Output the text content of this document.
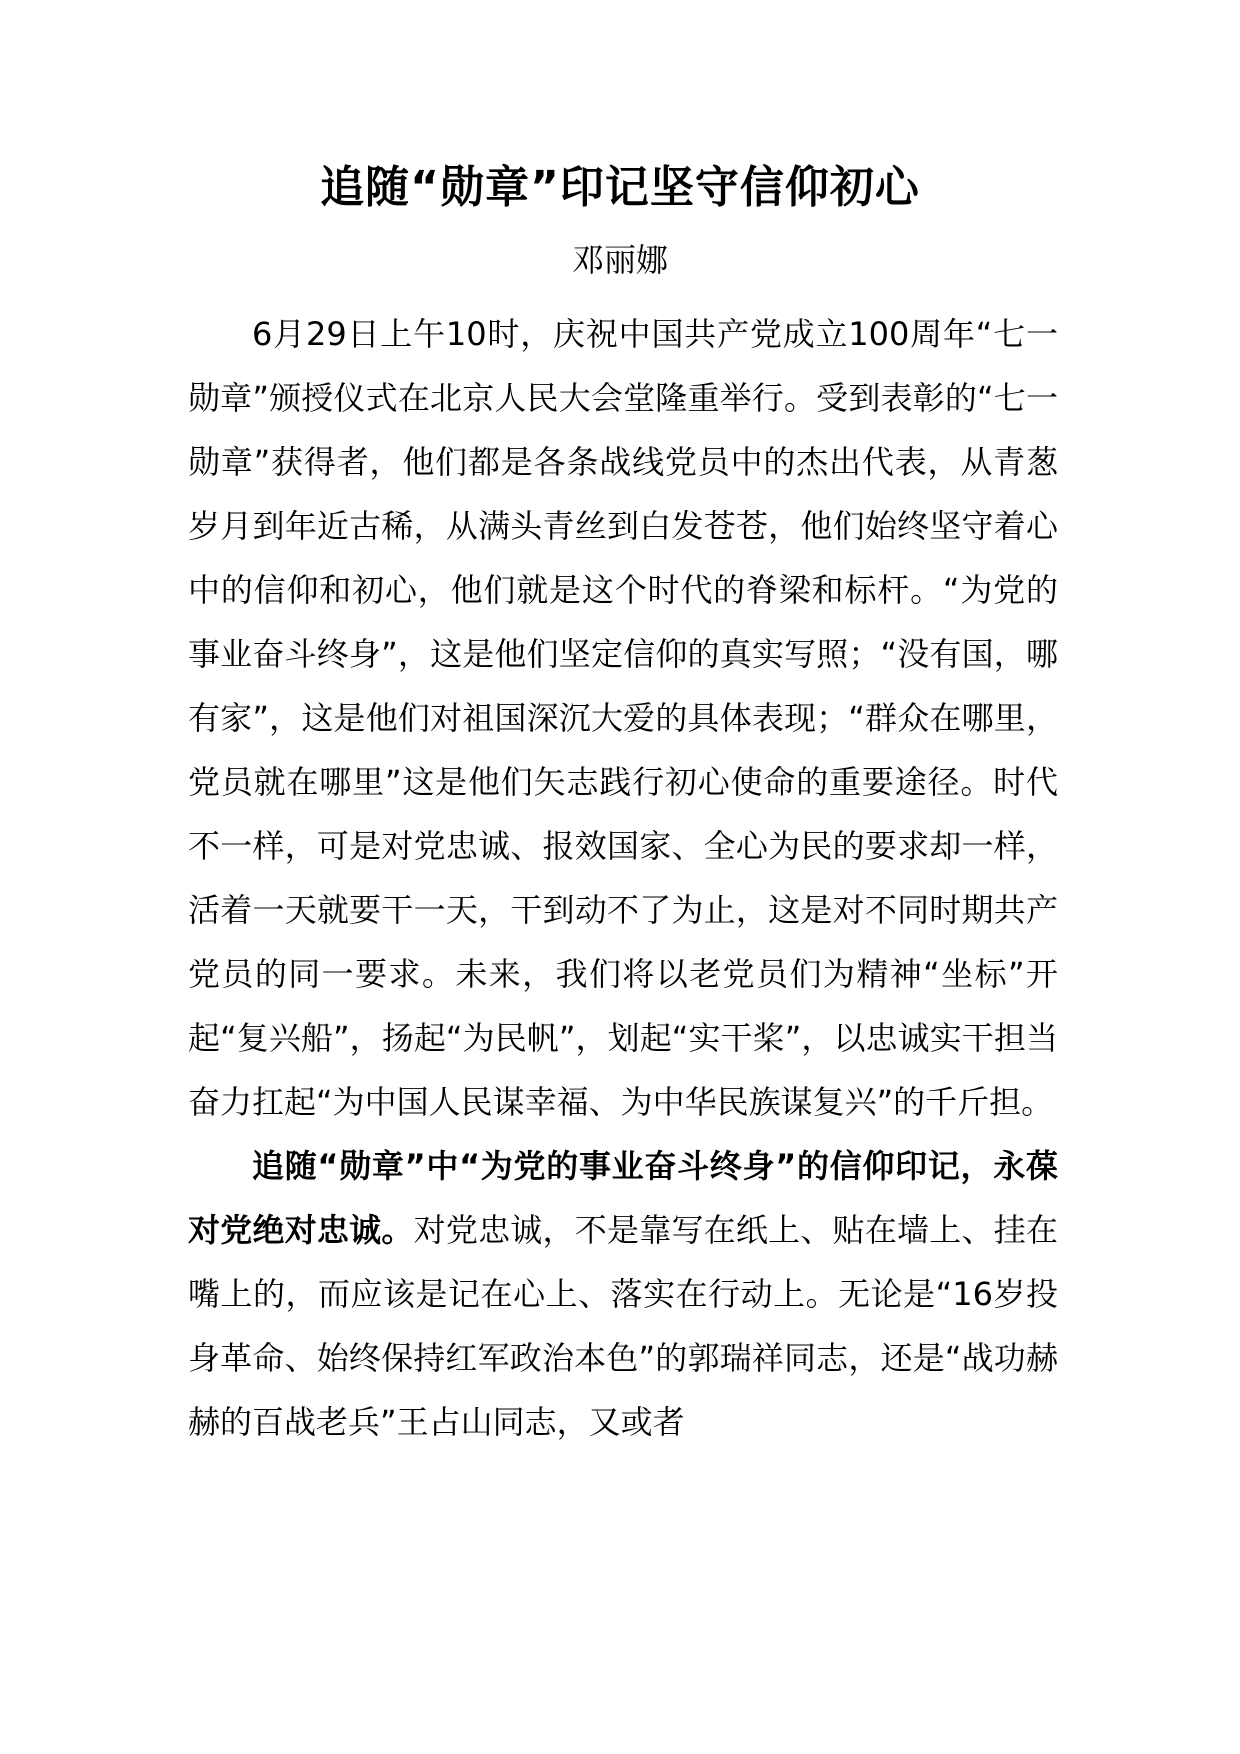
追随“勋章”印记坚守信仰初心
邓丽娜

6月29日上午10时，庆祝中国共产党成立100周年“七一勋章”颁授仪式在北京人民大会堂隆重举行。受到表彰的“七一勋章”获得者，他们都是各条战线党员中的杰出代表，从青葱岁月到年近古稀，从满头青丝到白发苍苍，他们始终坚守着心中的信仰和初心，他们就是这个时代的脊梁和标杆。“为党的事业奋斗终身”，这是他们坚定信仰的真实写照；“没有国，哪有家”，这是他们对祖国深沉大爱的具体表现；“群众在哪里，党员就在哪里”这是他们矢志践行初心使命的重要途径。时代不一样，可是对党忠诚、报效国家、全心为民的要求却一样，活着一天就要干一天，干到动不了为止，这是对不同时期共产党员的同一要求。未来，我们将以老党员们为精神“坐标”开起“复兴船”，扬起“为民帆”，划起“实干桨”，以忠诚实干担当奋力扛起“为中国人民谋幸福、为中华民族谋复兴”的千斤担。

追随“勋章”中“为党的事业奋斗终身”的信仰印记，永葆对党绝对忠诚。对党忠诚，不是靠写在纸上、贴在墙上、挂在嘴上的，而应该是记在心上、落实在行动上。无论是“16岁投身革命、始终保持红军政治本色”的郭瑞祥同志，还是“战功赫赫的百战老兵”王占山同志，又或者
